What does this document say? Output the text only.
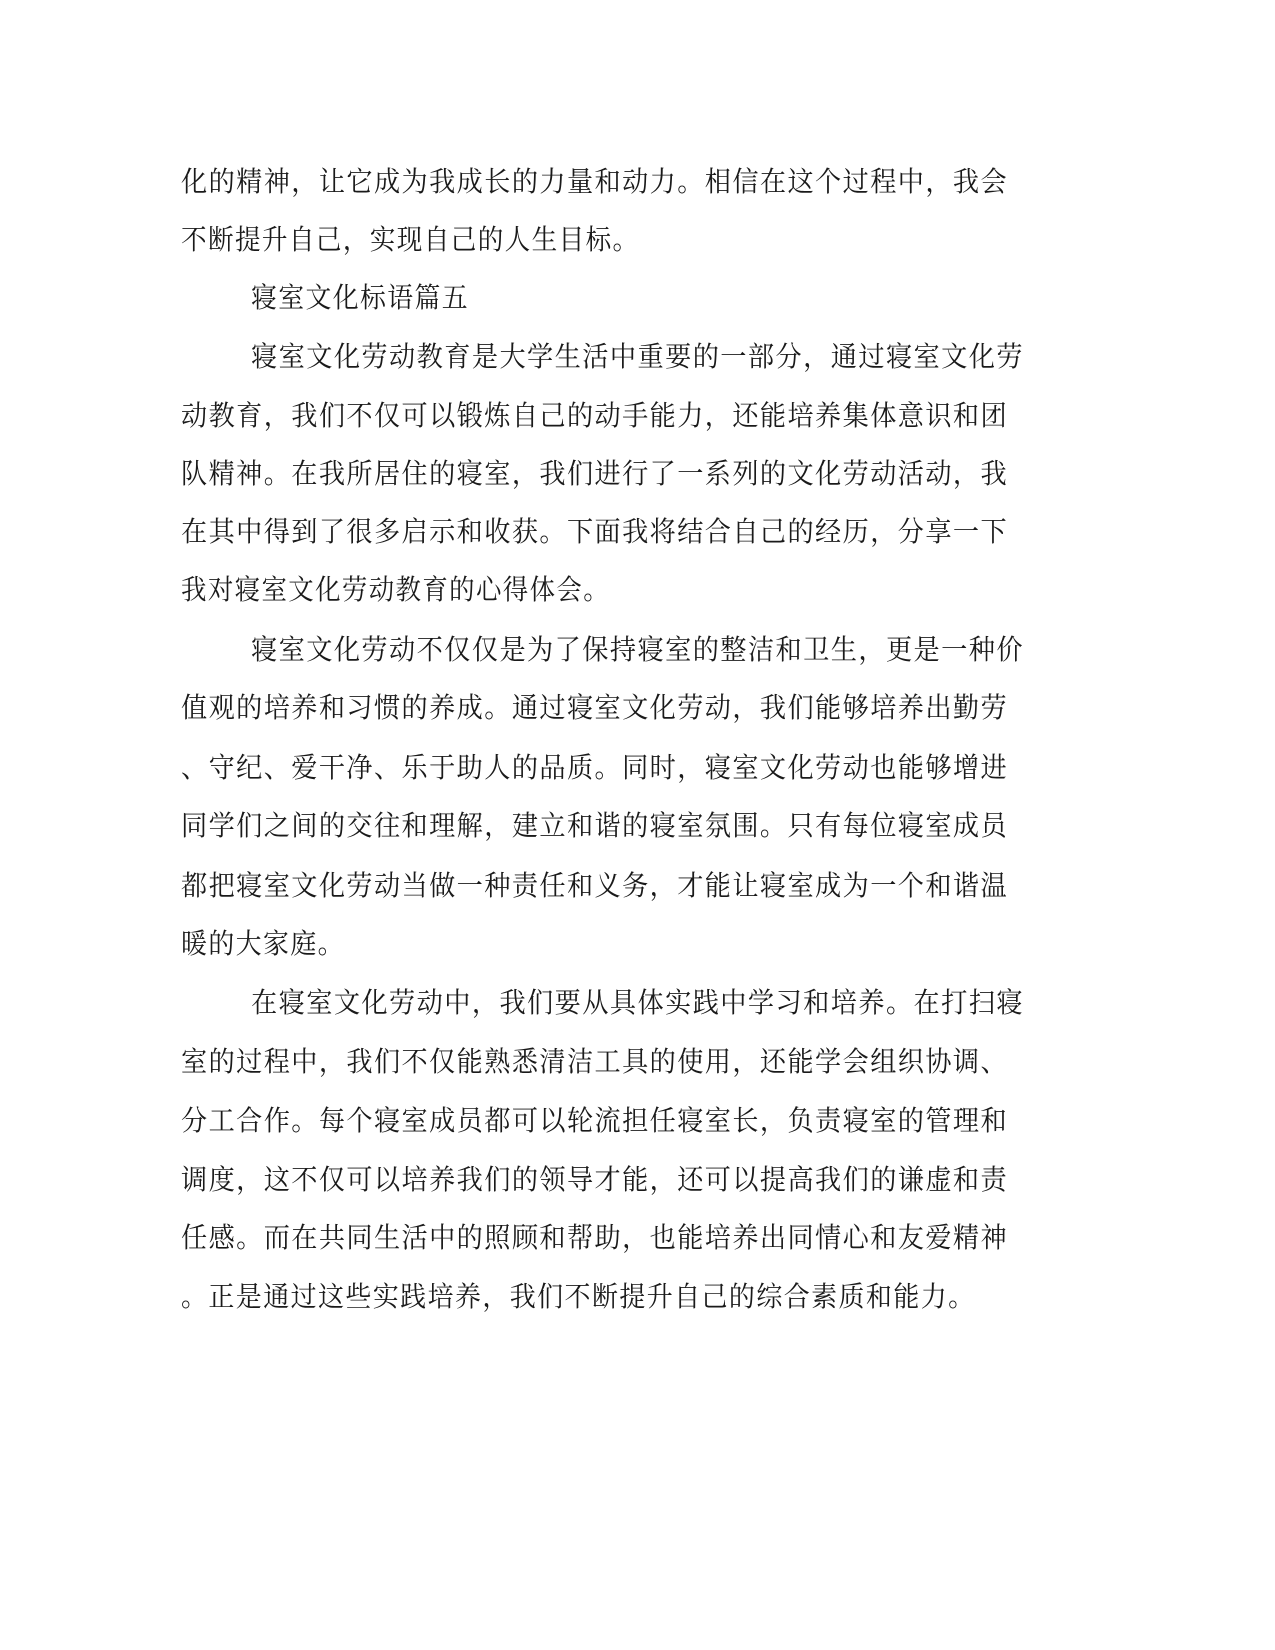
化的精神，让它成为我成长的力量和动力。相信在这个过程中，我会

不断提升自己，实现自己的人生目标。

寝室文化标语篇五

寝室文化劳动教育是大学生活中重要的一部分，通过寝室文化劳

动教育，我们不仅可以锻炼自己的动手能力，还能培养集体意识和团

队精神。在我所居住的寝室，我们进行了一系列的文化劳动活动，我

在其中得到了很多启示和收获。下面我将结合自己的经历，分享一下

我对寝室文化劳动教育的心得体会。

寝室文化劳动不仅仅是为了保持寝室的整洁和卫生，更是一种价

值观的培养和习惯的养成。通过寝室文化劳动，我们能够培养出勤劳

、守纪、爱干净、乐于助人的品质。同时，寝室文化劳动也能够增进

同学们之间的交往和理解，建立和谐的寝室氛围。只有每位寝室成员

都把寝室文化劳动当做一种责任和义务，才能让寝室成为一个和谐温

暖的大家庭。

在寝室文化劳动中，我们要从具体实践中学习和培养。在打扫寝

室的过程中，我们不仅能熟悉清洁工具的使用，还能学会组织协调、

分工合作。每个寝室成员都可以轮流担任寝室长，负责寝室的管理和

调度，这不仅可以培养我们的领导才能，还可以提高我们的谦虚和责

任感。而在共同生活中的照顾和帮助，也能培养出同情心和友爱精神

。正是通过这些实践培养，我们不断提升自己的综合素质和能力。
